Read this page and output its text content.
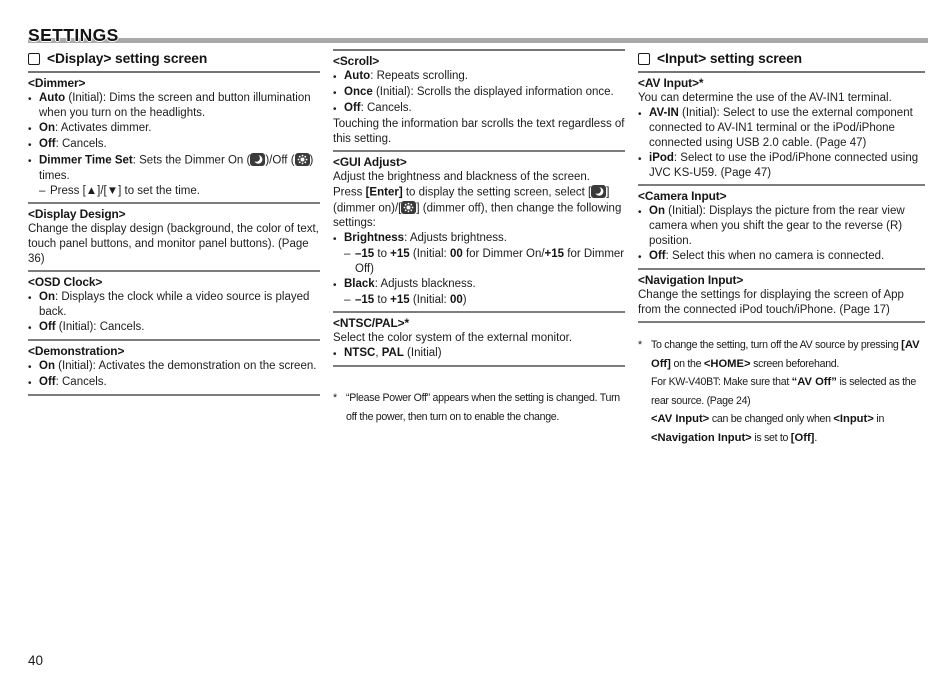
SETTINGS
<Display> setting screen
<Dimmer>
• Auto (Initial): Dims the screen and button illumination when you turn on the headlights.
• On: Activates dimmer.
• Off: Cancels.
• Dimmer Time Set: Sets the Dimmer On ( )/Off ( ) times.
– Press [▲]/[▼] to set the time.
<Display Design>
Change the display design (background, the color of text, touch panel buttons, and monitor panel buttons). (Page 36)
<OSD Clock>
• On: Displays the clock while a video source is played back.
• Off (Initial): Cancels.
<Demonstration>
• On (Initial): Activates the demonstration on the screen.
• Off: Cancels.
<Scroll>
• Auto: Repeats scrolling.
• Once (Initial): Scrolls the displayed information once.
• Off: Cancels.
Touching the information bar scrolls the text regardless of this setting.
<GUI Adjust>
Adjust the brightness and blackness of the screen.
Press [Enter] to display the setting screen, select [ ] (dimmer on)/[ ] (dimmer off), then change the following settings:
• Brightness: Adjusts brightness.
– –15 to +15 (Initial: 00 for Dimmer On/+15 for Dimmer Off)
• Black: Adjusts blackness.
– –15 to +15 (Initial: 00)
<NTSC/PAL>*
Select the color system of the external monitor.
• NTSC, PAL (Initial)
* “Please Power Off” appears when the setting is changed. Turn off the power, then turn on to enable the change.
<Input> setting screen
<AV Input>*
You can determine the use of the AV-IN1 terminal.
• AV-IN (Initial): Select to use the external component connected to AV-IN1 terminal or the iPod/iPhone connected using USB 2.0 cable. (Page 47)
• iPod: Select to use the iPod/iPhone connected using JVC KS-U59. (Page 47)
<Camera Input>
• On (Initial): Displays the picture from the rear view camera when you shift the gear to the reverse (R) position.
• Off: Select this when no camera is connected.
<Navigation Input>
Change the settings for displaying the screen of App from the connected iPod touch/iPhone. (Page 17)
* To change the setting, turn off the AV source by pressing [AV Off] on the <HOME> screen beforehand.
For KW-V40BT: Make sure that “AV Off” is selected as the rear source. (Page 24)
<AV Input> can be changed only when <Input> in <Navigation Input> is set to [Off].
40
